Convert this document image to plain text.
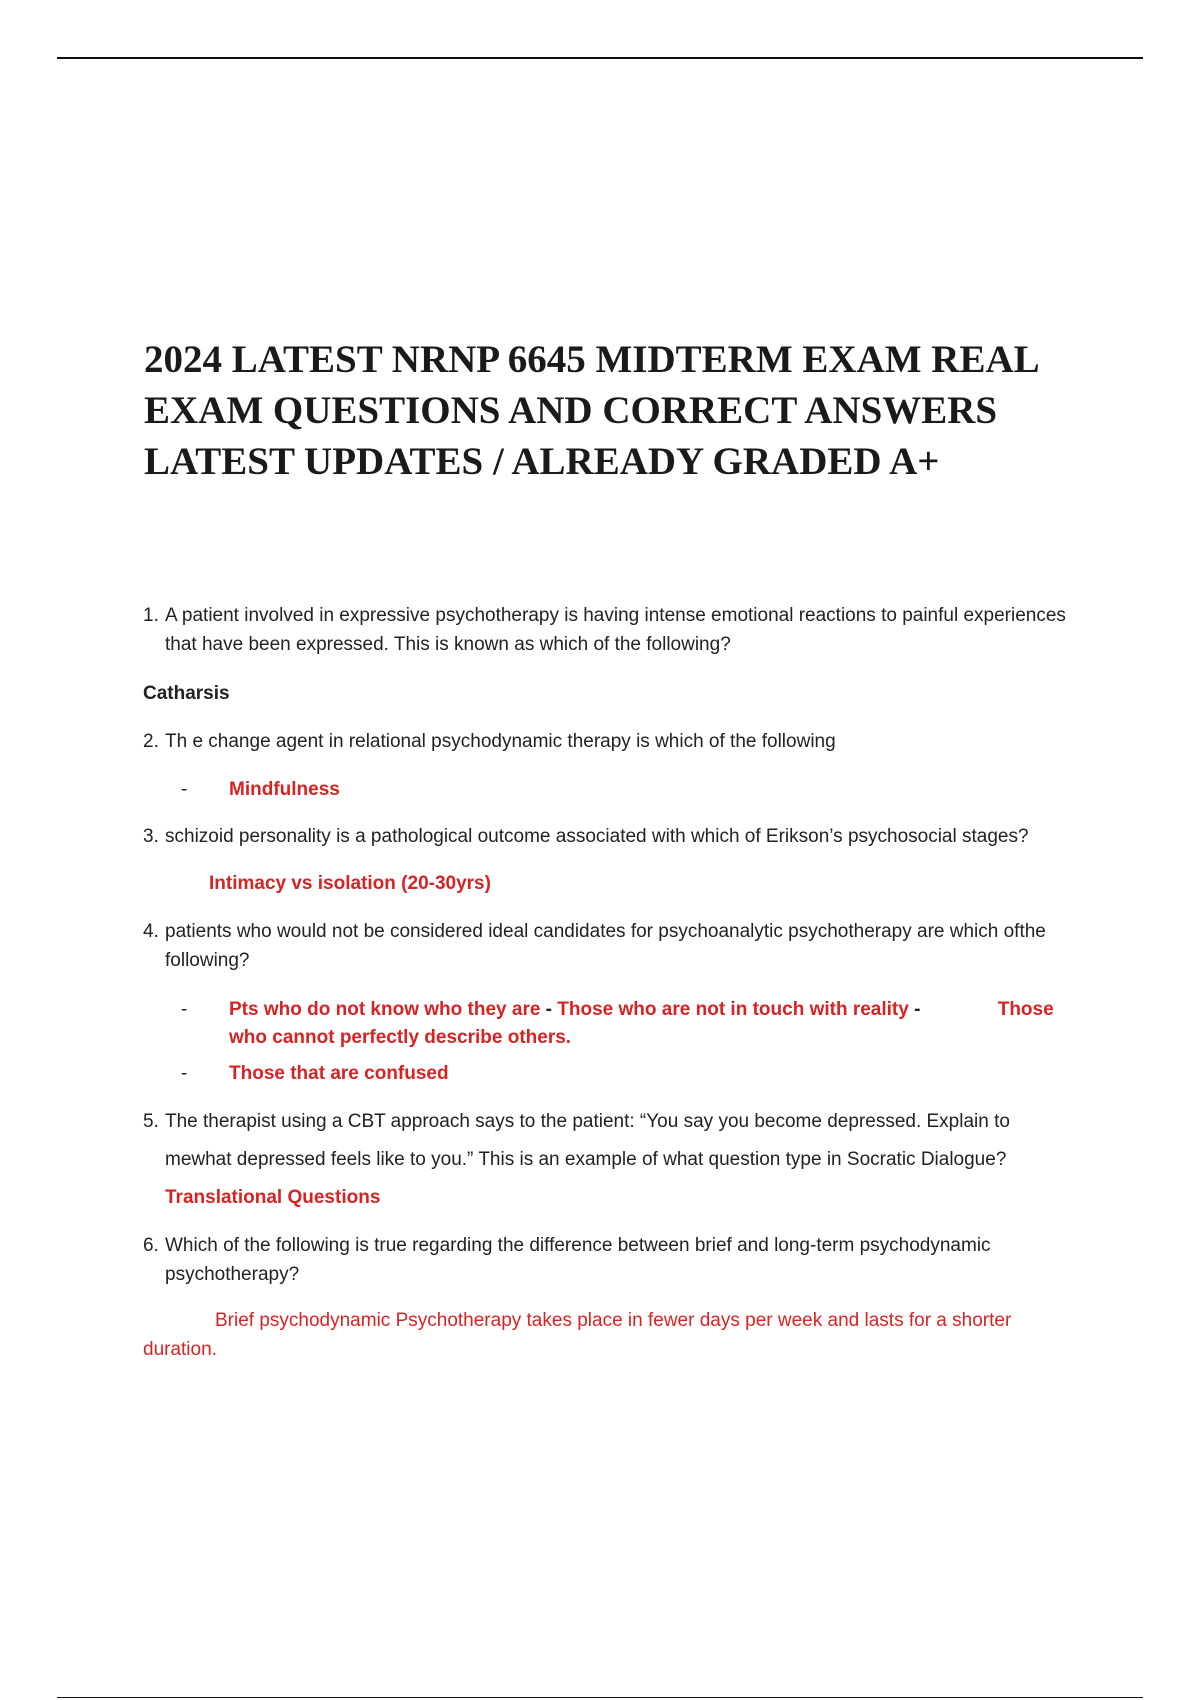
2024 LATEST NRNP 6645 MIDTERM EXAM REAL EXAM QUESTIONS AND CORRECT ANSWERS LATEST UPDATES / ALREADY GRADED A+
1. A patient involved in expressive psychotherapy is having intense emotional reactions to painful experiences that have been expressed. This is known as which of the following?
Catharsis
2. Th e change agent in relational psychodynamic therapy is which of the following
- Mindfulness
3. schizoid personality is a pathological outcome associated with which of Erikson’s psychosocial stages?
Intimacy vs isolation (20-30yrs)
4. patients who would not be considered ideal candidates for psychoanalytic psychotherapy are which ofthe following?
- Pts who do not know who they are - Those who are not in touch with reality -	Those who cannot perfectly describe others.
- Those that are confused
5. The therapist using a CBT approach says to the patient: “You say you become depressed. Explain to
mewhat depressed feels like to you.” This is an example of what question type in Socratic Dialogue?
Translational Questions
6. Which of the following is true regarding the difference between brief and long-term psychodynamic psychotherapy?
Brief psychodynamic Psychotherapy takes place in fewer days per week and lasts for a shorter duration.
